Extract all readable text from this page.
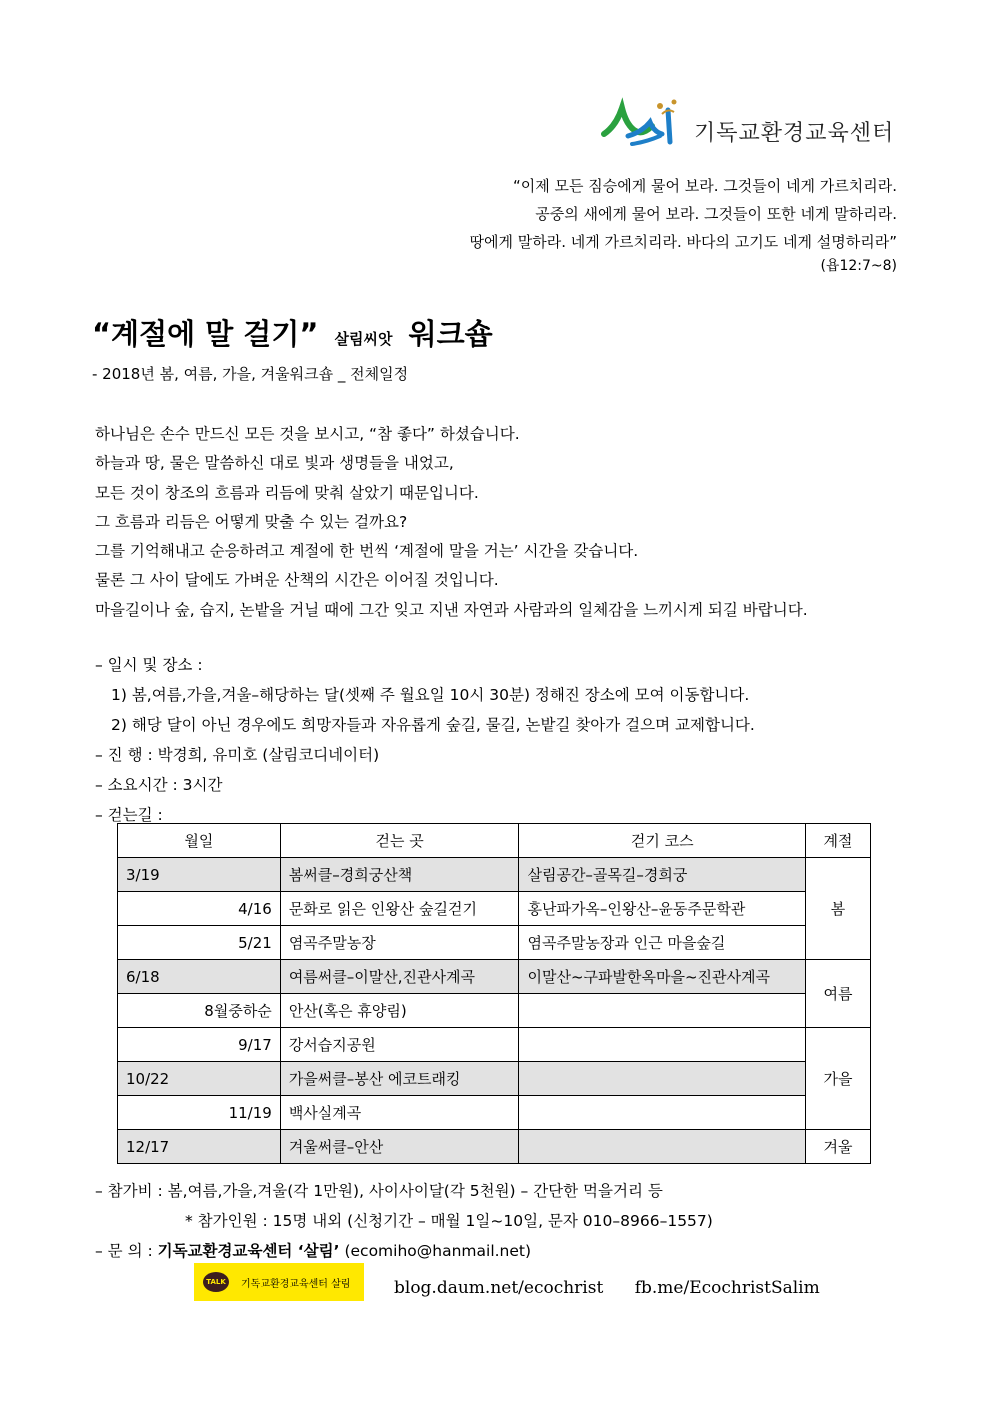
기독교환경교육센터
“이제 모든 짐승에게 물어 보라. 그것들이 네게 가르치리라.
공중의 새에게 물어 보라. 그것들이 또한 네게 말하리라.
땅에게 말하라. 네게 가르치리라. 바다의 고기도 네게 설명하리라”
(욥12:7~8)
“계절에 말 걸기” 살림씨앗 워크숍
- 2018년 봄, 여름, 가을, 겨울워크숍 _ 전체일정
하나님은 손수 만드신 모든 것을 보시고, “참 좋다” 하셨습니다.
하늘과 땅, 물은 말씀하신 대로 빛과 생명들을 내었고,
모든 것이 창조의 흐름과 리듬에 맞춰 살았기 때문입니다.
그 흐름과 리듬은 어떻게 맞출 수 있는 걸까요?
그를 기억해내고 순응하려고 계절에 한 번씩 ‘계절에 말을 거는’ 시간을 갖습니다.
물론 그 사이 달에도 가벼운 산책의 시간은 이어질 것입니다.
마을길이나 숲, 습지, 논밭을 거닐 때에 그간 잊고 지낸 자연과 사람과의 일체감을 느끼시게 되길 바랍니다.
– 일시 및 장소 :
1) 봄,여름,가을,겨울–해당하는 달(셋째 주 월요일 10시 30분) 정해진 장소에 모여 이동합니다.
2) 해당 달이 아닌 경우에도 희망자들과 자유롭게 숲길, 물길, 논밭길 찾아가 걸으며 교제합니다.
– 진 행 : 박경희, 유미호 (살림코디네이터)
– 소요시간 : 3시간
– 걷는길 :
월일	걷는 곳	걷기 코스	계절
3/19	봄써클–경희궁산책	살림공간–골목길–경희궁	봄
4/16	문화로 읽은 인왕산 숲길걷기	홍난파가옥–인왕산–윤동주문학관	
5/21	염곡주말농장	염곡주말농장과 인근 마을숲길	
6/18	여름써클–이말산,진관사계곡	이말산~구파발한옥마을~진관사계곡	여름
8월중하순	안산(혹은 휴양림)		
9/17	강서습지공원		가을
10/22	가을써클–봉산 에코트래킹		
11/19	백사실계곡		
12/17	겨울써클–안산		겨울
– 참가비 : 봄,여름,가을,겨울(각 1만원), 사이사이달(각 5천원) – 간단한 먹을거리 등
* 참가인원 : 15명 내외 (신청기간 – 매월 1일~10일, 문자 010–8966–1557)
– 문 의 : 기독교환경교육센터 ‘살림’ (ecomiho@hanmail.net)
TALK	기독교환경교육센터 살림	blog.daum.net/ecochrist fb.me/EcochristSalim
